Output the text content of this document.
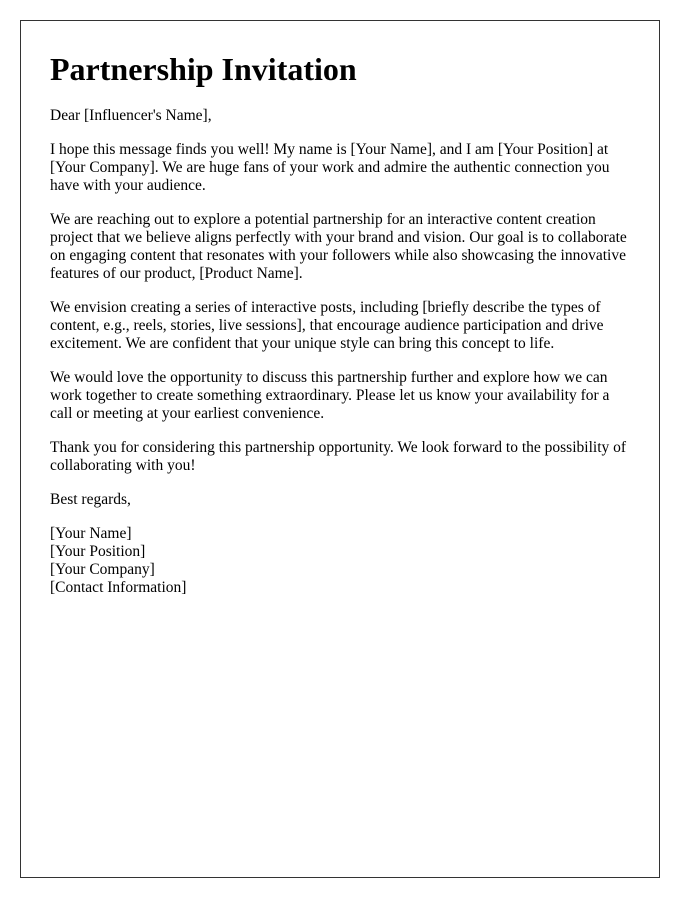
Partnership Invitation

Dear [Influencer's Name],

I hope this message finds you well! My name is [Your Name], and I am [Your Position] at [Your Company]. We are huge fans of your work and admire the authentic connection you have with your audience.

We are reaching out to explore a potential partnership for an interactive content creation project that we believe aligns perfectly with your brand and vision. Our goal is to collaborate on engaging content that resonates with your followers while also showcasing the innovative features of our product, [Product Name].

We envision creating a series of interactive posts, including [briefly describe the types of content, e.g., reels, stories, live sessions], that encourage audience participation and drive excitement. We are confident that your unique style can bring this concept to life.

We would love the opportunity to discuss this partnership further and explore how we can work together to create something extraordinary. Please let us know your availability for a call or meeting at your earliest convenience.

Thank you for considering this partnership opportunity. We look forward to the possibility of collaborating with you!

Best regards,

[Your Name]
[Your Position]
[Your Company]
[Contact Information]
